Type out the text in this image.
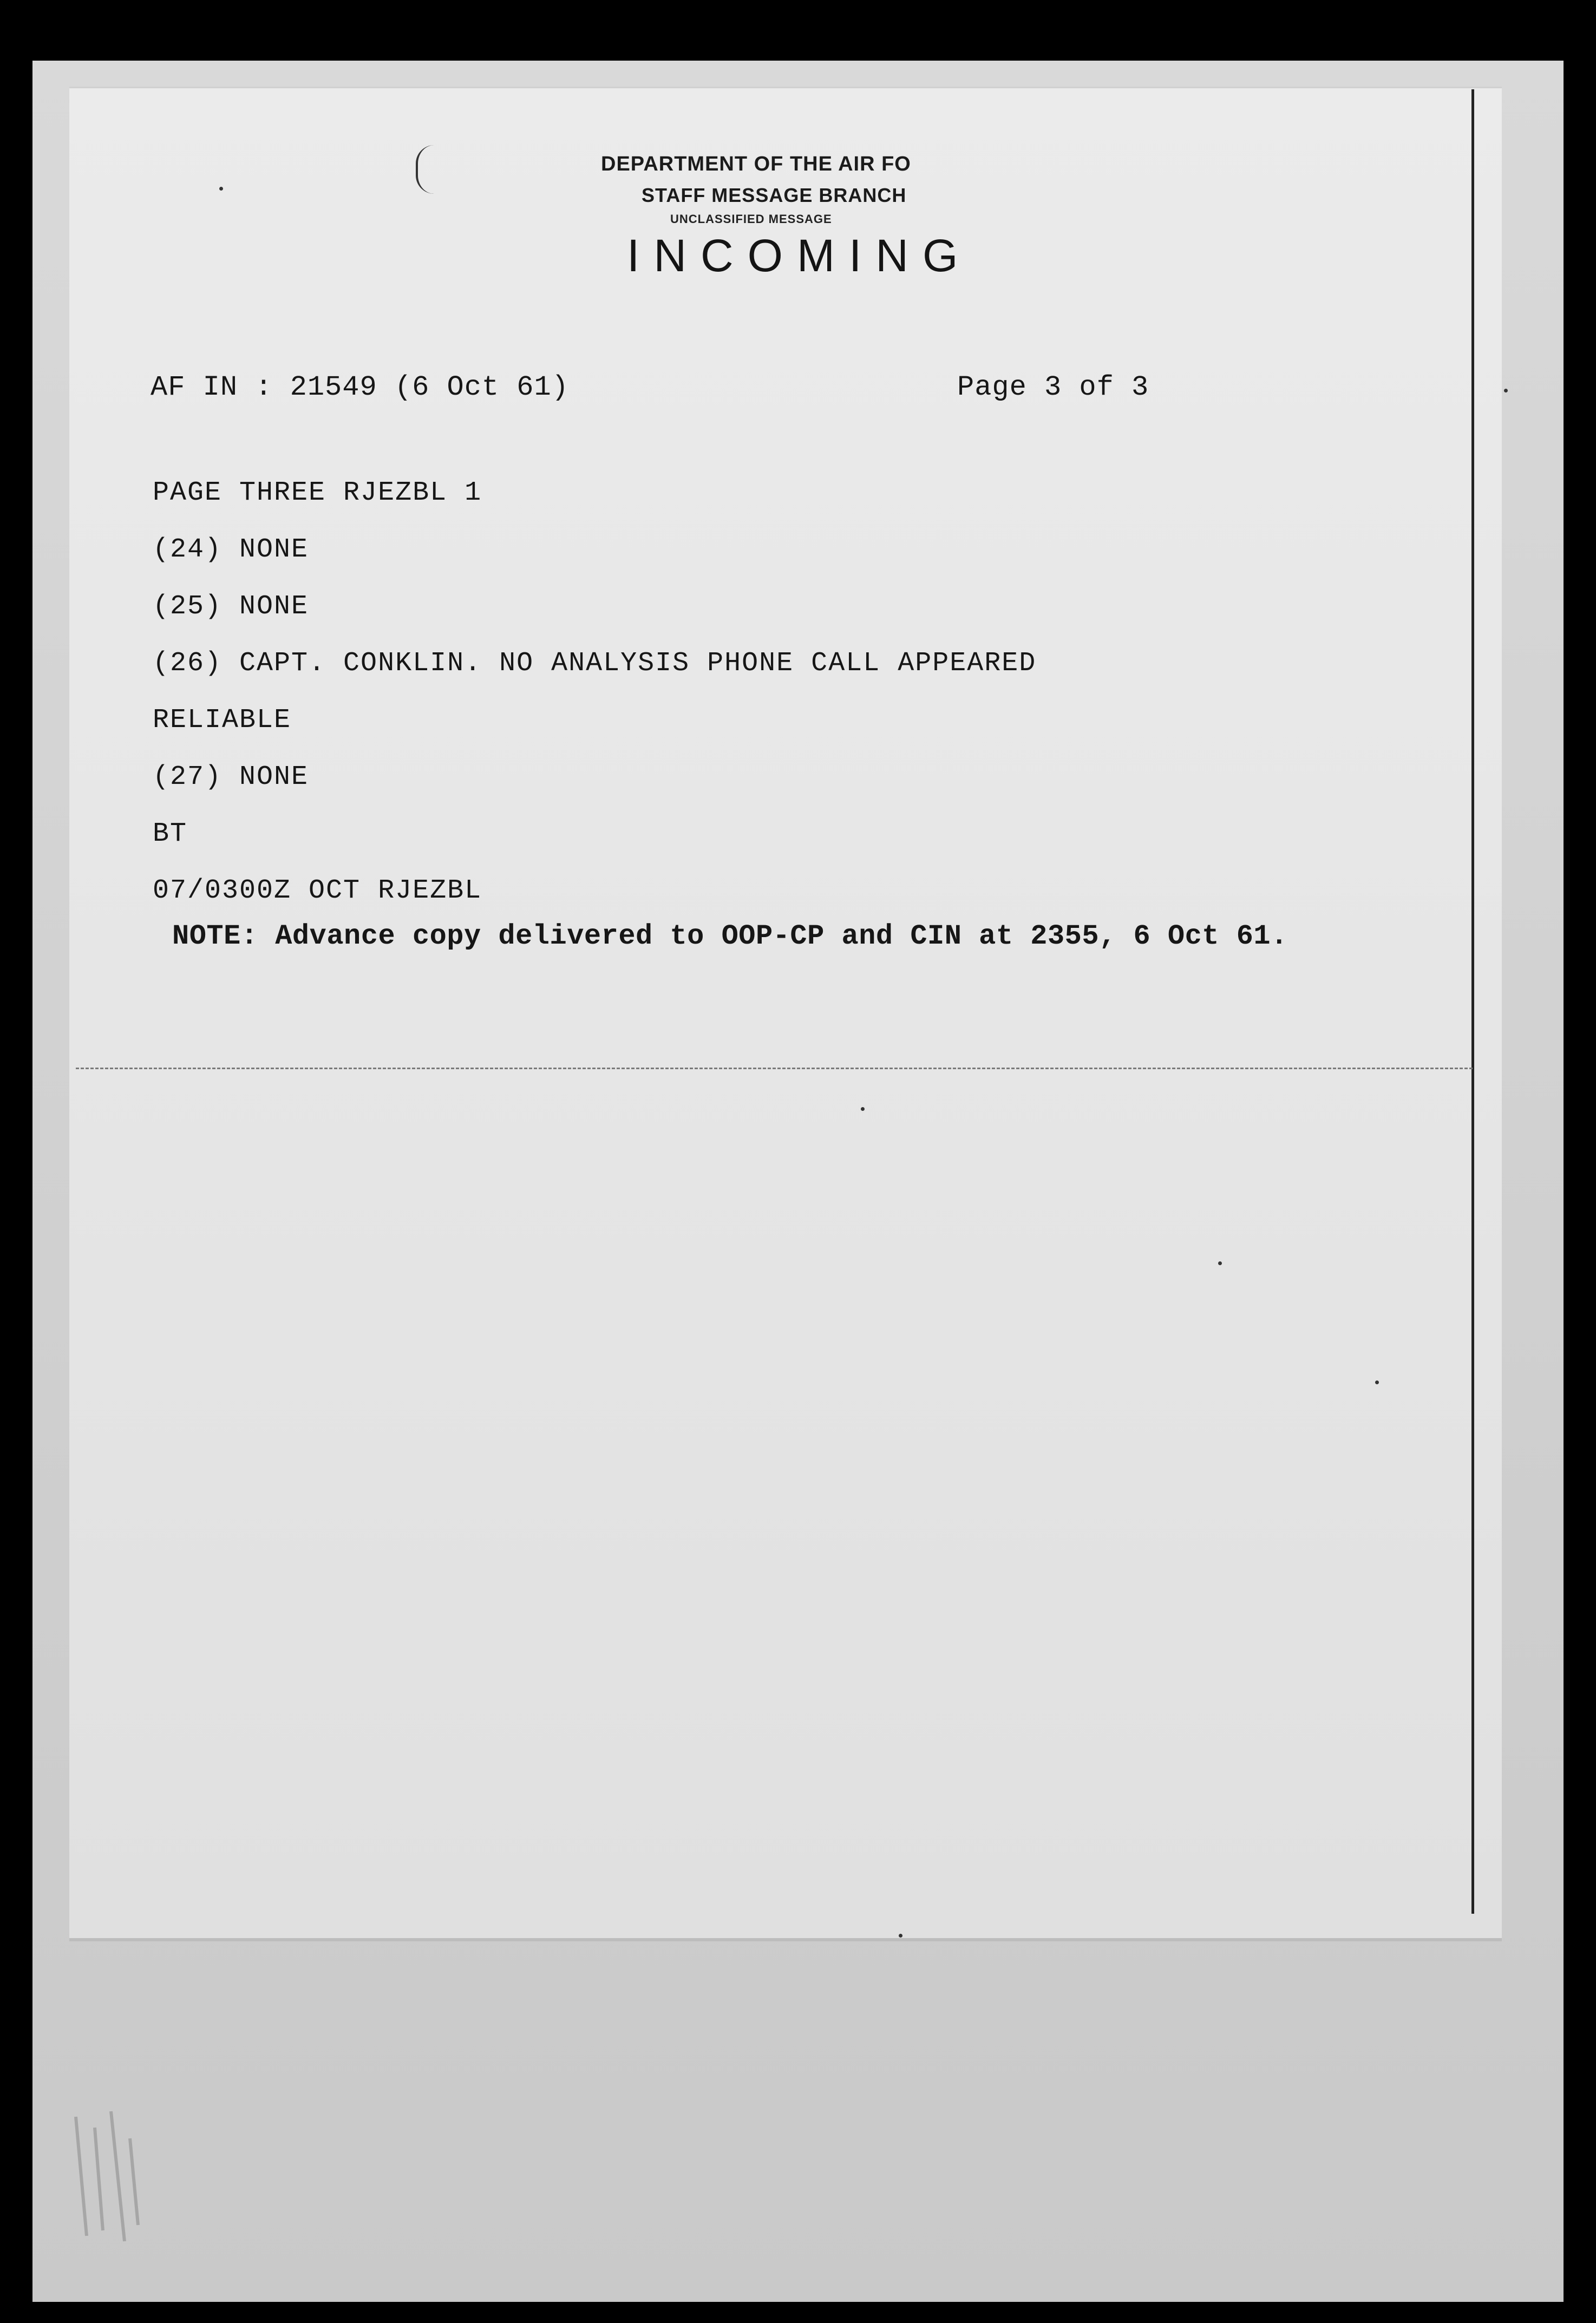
DEPARTMENT OF THE AIR FO
STAFF MESSAGE BRANCH
UNCLASSIFIED MESSAGE
INCOMING
AF IN : 21549 (6 Oct 61)	Page 3 of 3
PAGE THREE RJEZBL 1
(24) NONE
(25) NONE
(26) CAPT. CONKLIN. NO ANALYSIS PHONE CALL APPEARED
RELIABLE
(27) NONE
BT
07/0300Z OCT RJEZBL
NOTE: Advance copy delivered to OOP-CP and CIN at 2355, 6 Oct 61.
